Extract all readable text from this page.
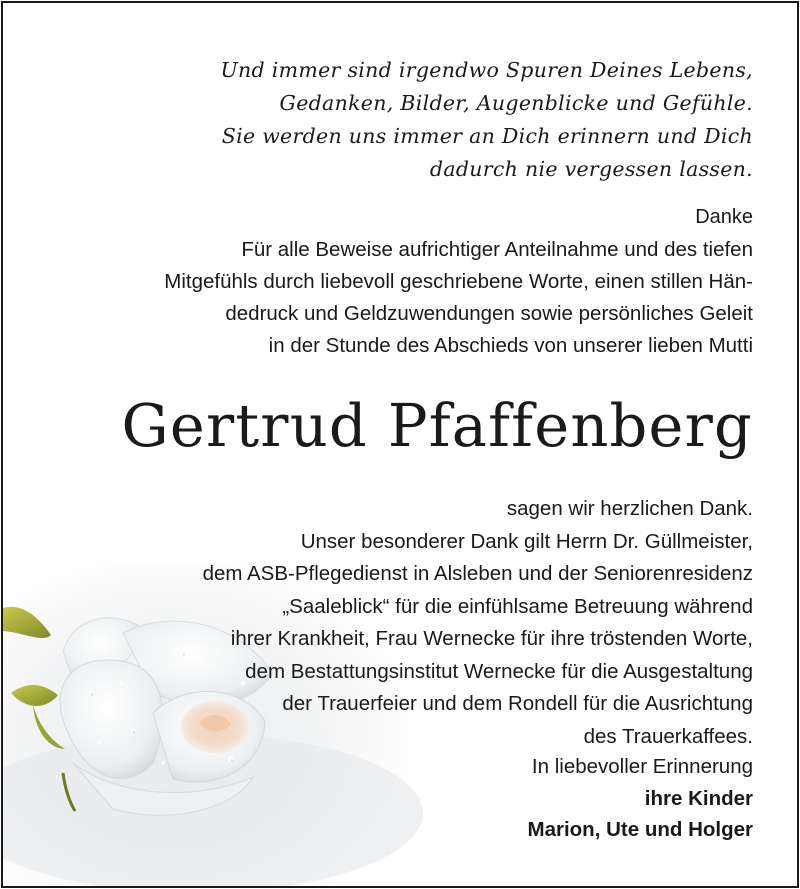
Und immer sind irgendwo Spuren Deines Lebens,
Gedanken, Bilder, Augenblicke und Gefühle.
Sie werden uns immer an Dich erinnern und Dich
dadurch nie vergessen lassen.
Danke
Für alle Beweise aufrichtiger Anteilnahme und des tiefen
Mitgefühls durch liebevoll geschriebene Worte, einen stillen Hän-
dedruck und Geldzuwendungen sowie persönliches Geleit
in der Stunde des Abschieds von unserer lieben Mutti
Gertrud Pfaffenberg
sagen wir herzlichen Dank.
Unser besonderer Dank gilt Herrn Dr. Güllmeister,
dem ASB-Pflegedienst in Alsleben und der Seniorenresidenz
„Saaleblick“ für die einfühlsame Betreuung während
ihrer Krankheit, Frau Wernecke für ihre tröstenden Worte,
dem Bestattungsinstitut Wernecke für die Ausgestaltung
der Trauerfeier und dem Rondell für die Ausrichtung
des Trauerkaffees.
In liebevoller Erinnerung
ihre Kinder
Marion, Ute und Holger
